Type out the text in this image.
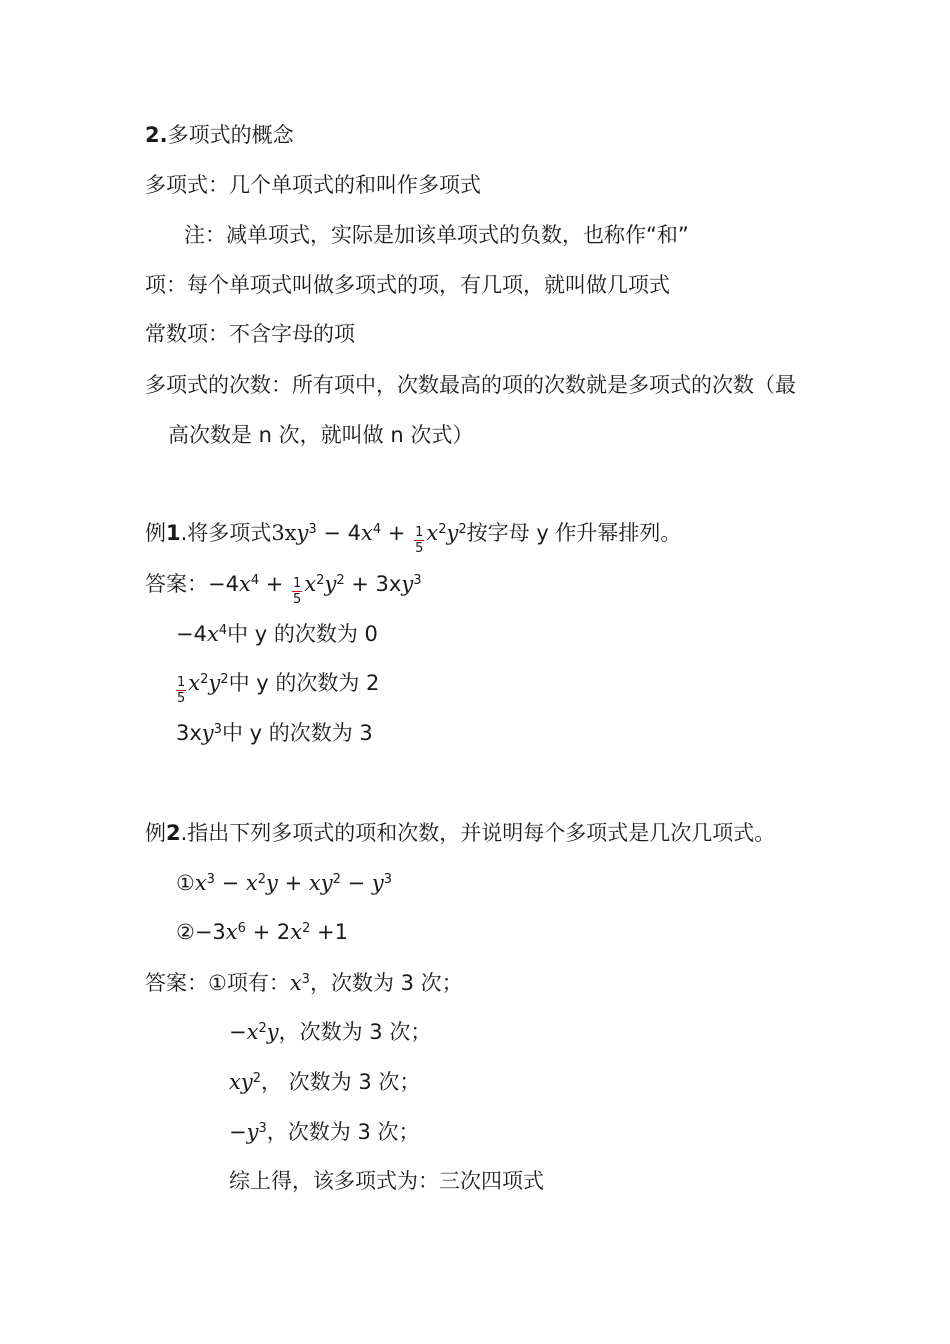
2.多项式的概念
多项式：几个单项式的和叫作多项式
注：减单项式，实际是加该单项式的负数，也称作“和”
项：每个单项式叫做多项式的项，有几项，就叫做几项式
常数项：不含字母的项
多项式的次数：所有项中，次数最高的项的次数就是多项式的次数（最
高次数是 n 次，就叫做 n 次式）
例1.将多项式$3xy^3 - 4x^4 + \frac{1}{5} x^2y^2$按字母 y 作升幂排列。
答案：$-4x^4 + \frac{1}{5} x^2y^2 + 3xy^3$
$-4x^4$中 y 的次数为 0
$\frac{1}{5} x^2y^2$中 y 的次数为 2
$3xy^3$中 y 的次数为 3
例2.指出下列多项式的项和次数，并说明每个多项式是几次几项式。
$①x^3 - x^2y + xy^2 - y^3$
$②-3x^6 + 2x^2 +1$
答案：①项有：$x^3$，次数为 3 次；
$-x^2y$，次数为 3 次；
$xy^2$， 次数为 3 次；
$-y^3$，次数为 3 次；
综上得，该多项式为：三次四项式
